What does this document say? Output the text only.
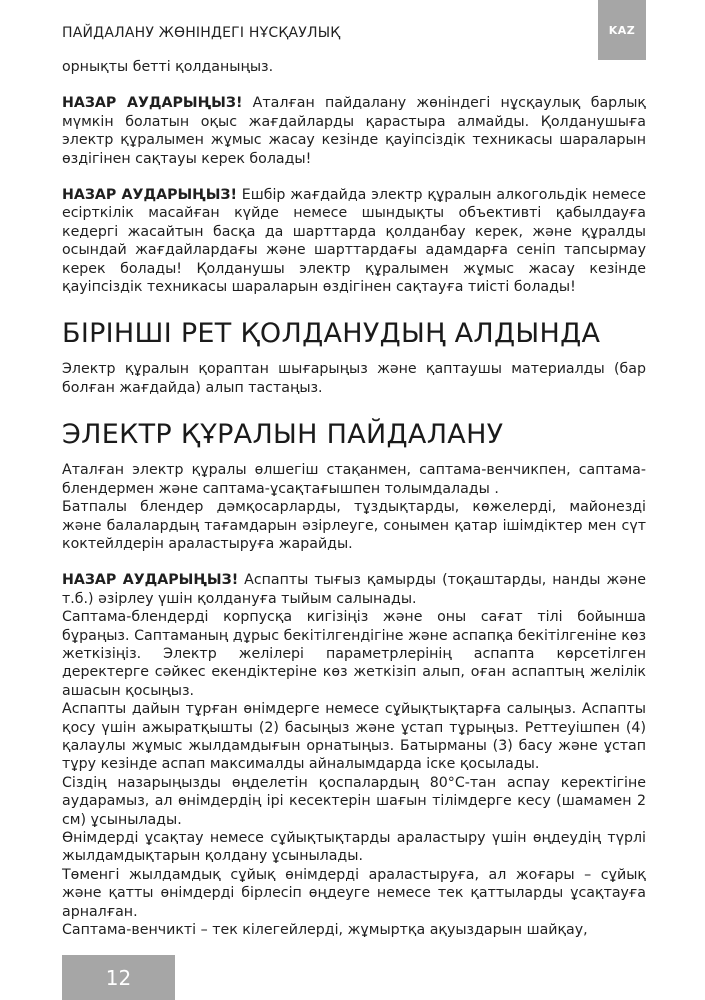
ПАЙДАЛАНУ ЖӨНІНДЕГІ НҰСҚАУЛЫҚ	KAZ

орнықты бетті қолданыңыз.

НАЗАР АУДАРЫҢЫЗ! Аталған пайдалану жөніндегі нұсқаулық барлық мүмкін болатын оқыс жағдайларды қарастыра алмайды. Қолданушыға электр құралымен жұмыс жасау кезінде қауіпсіздік техникасы шараларын өздігінен сақтауы керек болады!

НАЗАР АУДАРЫҢЫЗ! Ешбір жағдайда электр құралын алкогольдік немесе есірткілік масайған күйде немесе шындықты объективті қабылдауға кедергі жасайтын басқа да шарттарда қолданбау керек, және құралды осындай жағдайлардағы және шарттардағы адамдарға сеніп тапсырмау керек болады! Қолданушы электр құралымен жұмыс жасау кезінде қауіпсіздік техникасы шараларын өздігінен сақтауға тиісті болады!

БІРІНШІ РЕТ ҚОЛДАНУДЫҢ АЛДЫНДА

Электр құралын қораптан шығарыңыз және қаптаушы материалды (бар болған жағдайда) алып тастаңыз.

ЭЛЕКТР ҚҰРАЛЫН ПАЙДАЛАНУ

Аталған электр құралы өлшегіш стақанмен, саптама-венчикпен, саптама-блендермен және саптама-ұсақтағышпен толымдалады .

Батпалы блендер дәмқосарларды, тұздықтарды, көжелерді, майонезді және балалардың тағамдарын әзірлеуге, сонымен қатар ішімдіктер мен сүт коктейлдерін араластыруға жарайды.

НАЗАР АУДАРЫҢЫЗ! Аспапты тығыз қамырды (тоқаштарды, нанды және т.б.) әзірлеу үшін қолдануға тыйым салынады.

Саптама-блендерді корпусқа кигізіңіз және оны сағат тілі бойынша бұраңыз. Саптаманың дұрыс бекітілгендігіне және аспапқа бекітілгеніне көз жеткізіңіз. Электр желілері параметрлерінің аспапта көрсетілген деректерге сәйкес екендіктеріне көз жеткізіп алып, оған аспаптың желілік ашасын қосыңыз.

Аспапты дайын тұрған өнімдерге немесе сұйықтықтарға салыңыз. Аспапты қосу үшін ажыратқышты (2) басыңыз және ұстап тұрыңыз. Реттеуішпен (4) қалаулы жұмыс жылдамдығын орнатыңыз. Батырманы (3) басу және ұстап тұру кезінде аспап максималды айналымдарда іске қосылады.

Сіздің назарыңызды өңделетін қоспалардың 80°С-тан аспау керектігіне аударамыз, ал өнімдердің ірі кесектерін шағын тілімдерге кесу (шамамен 2 см) ұсынылады.

Өнімдерді ұсақтау немесе сұйықтықтарды араластыру үшін өңдеудің түрлі жылдамдықтарын қолдану ұсынылады.

Төменгі жылдамдық сұйық өнімдерді араластыруға, ал жоғары – сұйық және қатты өнімдерді бірлесіп өңдеуге немесе тек қаттыларды ұсақтауға арналған.

Саптама-венчикті – тек кілегейлерді, жұмыртқа ақуыздарын шайқау,

12
